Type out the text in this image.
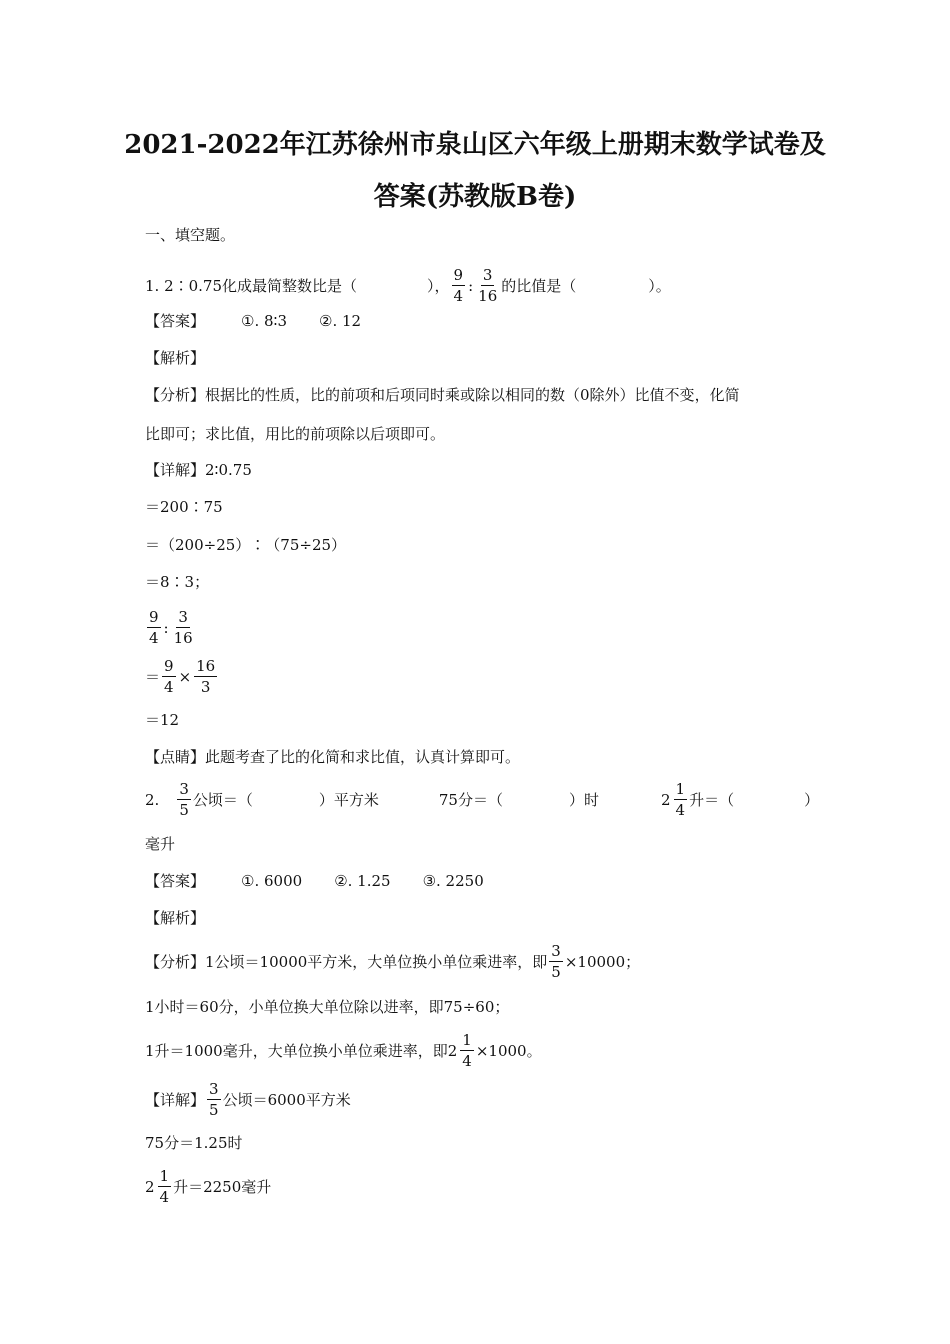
2021-2022年江苏徐州市泉山区六年级上册期末数学试卷及
答案(苏教版B卷)
一、填空题。
1. 2∶0.75化成最简整数比是（	）， $\frac{9}{4}$ : $\frac{3}{16}$ 的比值是（	）。
【答案】 ①. 8∶3 ②. 12
【解析】
【分析】 根据比的性质，比的前项和后项同时乘或除以相同的数（0除外）比值不变，化简
比即可；求比值，用比的前项除以后项即可。
【详解】 2∶0.75
＝200∶75
＝（200÷25）∶（75÷25）
＝8∶3；
$\frac{9}{4}$ : $\frac{3}{16}$
＝ $\frac{9}{4} \times \frac{16}{3}$
＝12
【点睛】 此题考查了比的化简和求比值，认真计算即可。
2. $\frac{3}{5}$ 公顷＝（	）平方米	75分＝（	）时	$2 \frac{1}{4}$ 升＝（	）
毫升
【答案】 ①. 6000 ②. 1.25 ③. 2250
【解析】
【分析】 1公顷＝10000平方米，大单位换小单位乘进率，即 $\frac{3}{5} \times 10000$；
1小时＝60分，小单位换大单位除以进率，即75÷60；
1升＝1000毫升，大单位换小单位乘进率，即 $2 \frac{1}{4} \times 1000$。
【详解】 $\frac{3}{5}$ 公顷＝6000平方米
75分＝1.25时
$2 \frac{1}{4}$ 升＝2250毫升
